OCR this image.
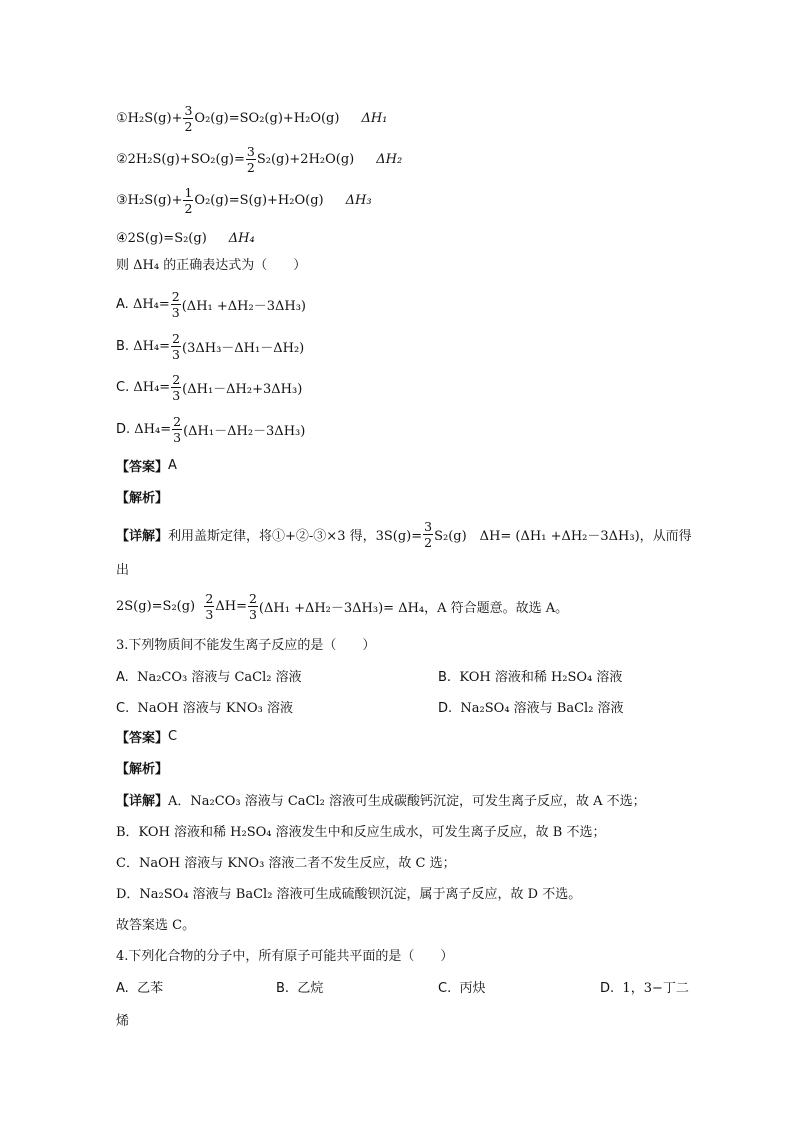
①H₂S(g)+ $\frac{3}{2} O_2(g)=SO_2(g)+H_2O(g)$ ΔH₁
②2H₂S(g)+SO₂(g)= $\frac{3}{2} S_2(g)+2H_2O(g)$ ΔH₂
③H₂S(g)+ $\frac{1}{2} O_2(g)=S(g)+H_2O(g)$ ΔH₃
④2S(g)=S₂(g) ΔH₄
则 ΔH₄ 的正确表达式为（　　）
A.
$\Delta H_4= \frac{2}{3} (\Delta H_1 +\Delta H_2-3\Delta H_3)$
B.
$\Delta H_4= \frac{2}{3} (3\Delta H_3-\Delta H_1-\Delta H_2)$
C.
$\Delta H_4= \frac{2}{3} (\Delta H_1-\Delta H_2+3\Delta H_3)$
D.
$\Delta H_4= \frac{2}{3} (\Delta H_1-\Delta H_2-3\Delta H_3)$
【答案】 A
【解析】
【详解】 利用盖斯定律，将①+②-③×3 得，$3S(g)= \frac{3}{2} S_2(g)$　ΔH= (ΔH₁ +ΔH₂－3ΔH₃)，从而得
出
2S(g)=S₂(g)
$\frac{2}{3} \Delta H= \frac{2}{3} (\Delta H_1 +\Delta H_2-3\Delta H_3)= \Delta H_4$，A 符合题意。故选 A。
3.下列物质间不能发生离子反应的是（　　）
A. Na₂CO₃ 溶液与 CaCl₂ 溶液	B. KOH 溶液和稀 H₂SO₄ 溶液
C. NaOH 溶液与 KNO₃ 溶液	D. Na₂SO₄ 溶液与 BaCl₂ 溶液
【答案】 C
【解析】
【详解】 A．Na₂CO₃ 溶液与 CaCl₂ 溶液可生成碳酸钙沉淀，可发生离子反应，故 A 不选；
B．KOH 溶液和稀 H₂SO₄ 溶液发生中和反应生成水，可发生离子反应，故 B 不选；
C．NaOH 溶液与 KNO₃ 溶液二者不发生反应，故 C 选；
D．Na₂SO₄ 溶液与 BaCl₂ 溶液可生成硫酸钡沉淀，属于离子反应，故 D 不选。
故答案选 C。
4.下列化合物的分子中，所有原子可能共平面的是（　　）
A. 乙苯	B. 乙烷	C. 丙炔	D. 1，3−丁二
烯
